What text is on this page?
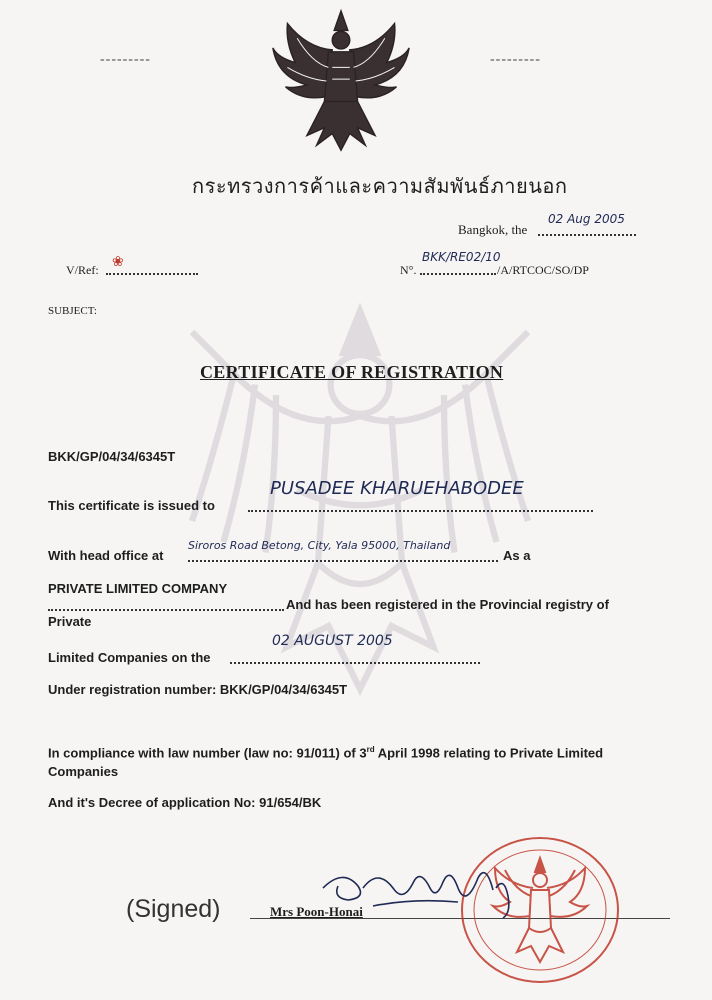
---------	---------
กระทรวงการค้าและความสัมพันธ์ภายนอก
Bangkok, the
02 Aug 2005
V/Ref: ❀	N°.
BKK/RE02/10
/A/RTCOC/SO/DP
SUBJECT:
CERTIFICATE OF REGISTRATION
BKK/GP/04/34/6345T
This certificate is issued to
PUSADEE KHARUEHABODEE
With head office at
Siroros Road Betong, City, Yala 95000, Thailand
As a
PRIVATE LIMITED COMPANY
And has been registered in the Provincial registry of
Private
02 AUGUST 2005
Limited Companies on the
Under registration number: BKK/GP/04/34/6345T
In compliance with law number (law no: 91/011) of 3rd April 1998 relating to Private Limited
Companies
And it's Decree of application No: 91/654/BK
(Signed)	Mrs Poon-Honai
